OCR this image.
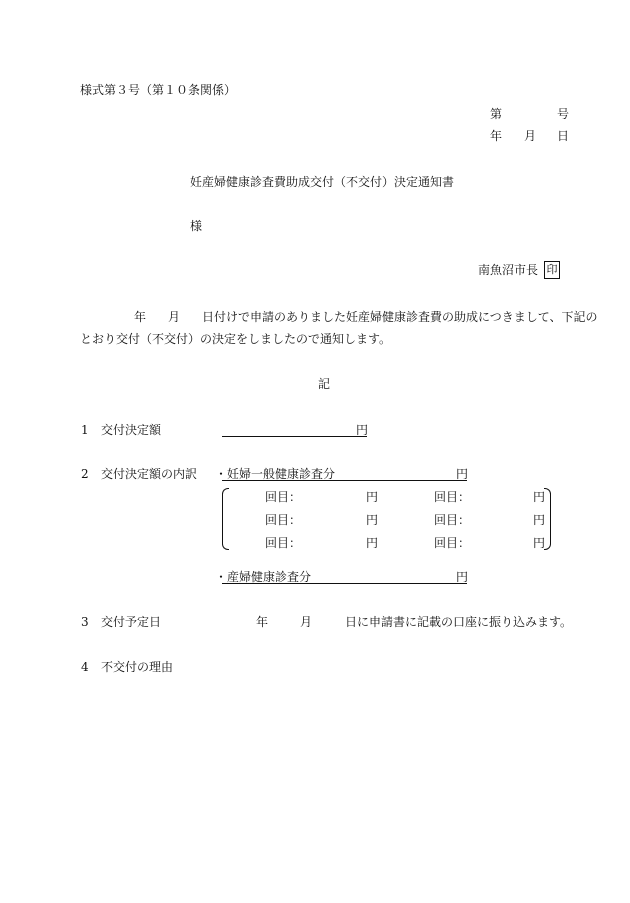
様式第３号（第１０条関係）
第	号
年 月 日
妊産婦健康診査費助成交付（不交付）決定通知書
様
南魚沼市長 印
年 月 日付けで申請のありました妊産婦健康診査費の助成につきまして、下記の
とおり交付（不交付）の決定をしましたので通知します。
記
1 交付決定額	円
2 交付決定額の内訳 ・妊婦一般健康診査分	円
回目：	円	回目：	円
回目：	円	回目：	円
回目：	円	回目：	円
・産婦健康診査分	円
3 交付予定日	年	月	日に申請書に記載の口座に振り込みます。
4 不交付の理由
